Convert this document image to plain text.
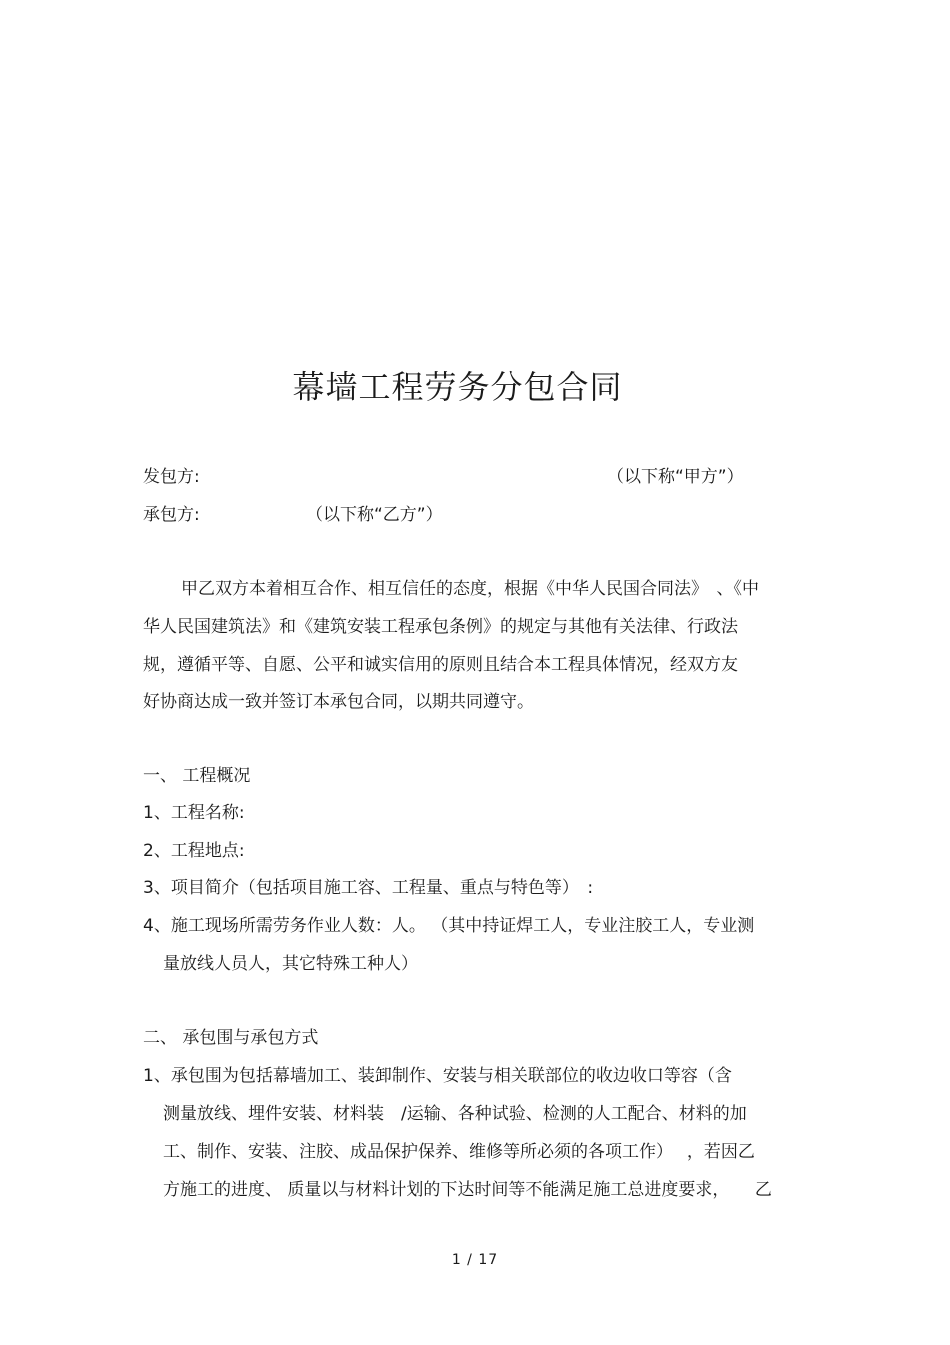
幕墙工程劳务分包合同
发包方:	（以下称“甲方”）
承包方:	（以下称“乙方”）
甲乙双方本着相互合作、相互信任的态度，根据《中华人民国合同法》　、《中
华人民国建筑法》和《建筑安装工程承包条例》的规定与其他有关法律、行政法
规，遵循平等、自愿、公平和诚实信用的原则且结合本工程具体情况，经双方友
好协商达成一致并签订本承包合同，以期共同遵守。
一、 工程概况
1、工程名称:
2、工程地点:
3、项目简介（包括项目施工容、工程量、重点与特色等）　:
4、施工现场所需劳务作业人数：人。 （其中持证焊工人，专业注胶工人，专业测
量放线人员人，其它特殊工种人）
二、 承包围与承包方式
1、承包围为包括幕墙加工、装卸制作、安装与相关联部位的收边收口等容（含
测量放线、埋件安装、材料装　/运输、各种试验、检测的人工配合、材料的加
工、制作、安装、注胶、成品保护保养、维修等所必须的各项工作）　 ，若因乙
方施工的进度、 质量以与材料计划的下达时间等不能满足施工总进度要求，　　乙
1 / 17
